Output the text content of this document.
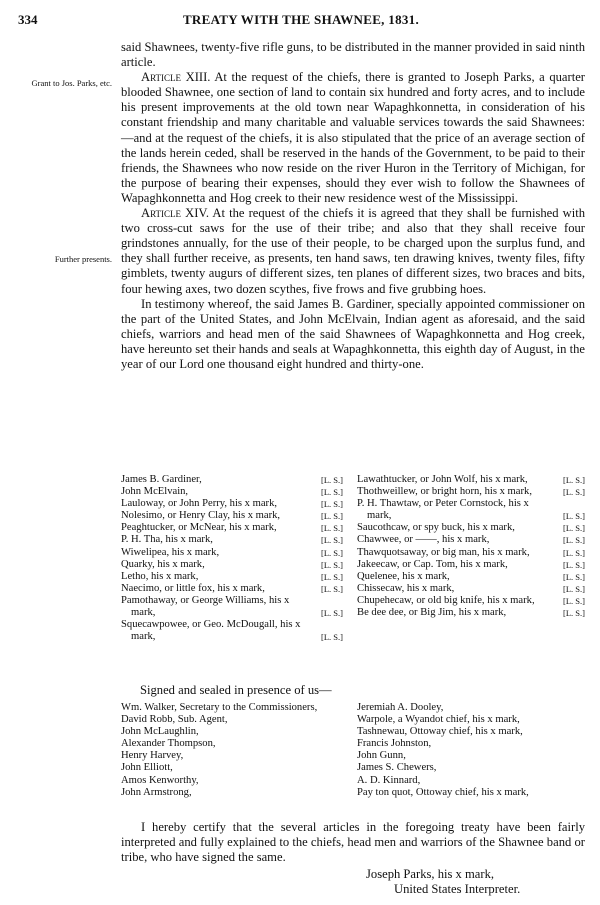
334	TREATY WITH THE SHAWNEE, 1831.
Grant to Jos. Parks, etc.
Further presents.

said Shawnees, twenty-five rifle guns, to be distributed in the manner provided in said ninth article.

Article XIII. At the request of the chiefs, there is granted to Joseph Parks, a quarter blooded Shawnee, one section of land to contain six hundred and forty acres, and to include his present improvements at the old town near Wapaghkonnetta, in consideration of his constant friendship and many charitable and valuable services towards the said Shawnees:—and at the request of the chiefs, it is also stipulated that the price of an average section of the lands herein ceded, shall be reserved in the hands of the Government, to be paid to their friends, the Shawnees who now reside on the river Huron in the Territory of Michigan, for the purpose of bearing their expenses, should they ever wish to follow the Shawnees of Wapaghkonnetta and Hog creek to their new residence west of the Mississippi.

Article XIV. At the request of the chiefs it is agreed that they shall be furnished with two cross-cut saws for the use of their tribe; and also that they shall receive four grindstones annually, for the use of their people, to be charged upon the surplus fund, and they shall further receive, as presents, ten hand saws, ten drawing knives, twenty files, fifty gimblets, twenty augurs of different sizes, ten planes of different sizes, two braces and bits, four hewing axes, two dozen scythes, five frows and five grubbing hoes.

In testimony whereof, the said James B. Gardiner, specially appointed commissioner on the part of the United States, and John McElvain, Indian agent as aforesaid, and the said chiefs, warriors and head men of the said Shawnees of Wapaghkonnetta and Hog creek, have hereunto set their hands and seals at Wapaghkonnetta, this eighth day of August, in the year of our Lord one thousand eight hundred and thirty-one.

James B. Gardiner,	[L. S.]
John McElvain,	[L. S.]
Lauloway, or John Perry, his x mark,	[L. S.]
Nolesimo, or Henry Clay, his x mark,	[L. S.]
Peaghtucker, or McNear, his x mark,	[L. S.]
P. H. Tha, his x mark,	[L. S.]
Wiwelipea, his x mark,	[L. S.]
Quarky, his x mark,	[L. S.]
Letho, his x mark,	[L. S.]
Naecimo, or little fox, his x mark,	[L. S.]
Pamothaway, or George Williams, his x mark,	[L. S.]
Squecawpowee, or Geo. McDougall, his x mark,	[L. S.]
Lawathtucker, or John Wolf, his x mark,	[L. S.]
Thothweillew, or bright horn, his x mark,	[L. S.]
P. H. Thawtaw, or Peter Cornstock, his x mark,	[L. S.]
Saucothcaw, or spy buck, his x mark,	[L. S.]
Chawwee, or ——, his x mark,	[L. S.]
Thawquotsaway, or big man, his x mark,	[L. S.]
Jakeecaw, or Cap. Tom, his x mark,	[L. S.]
Quelenee, his x mark,	[L. S.]
Chissecaw, his x mark,	[L. S.]
Chupehecaw, or old big knife, his x mark,	[L. S.]
Be dee dee, or Big Jim, his x mark,	[L. S.]
Signed and sealed in presence of us—
Wm. Walker, Secretary to the Commissioners,
David Robb, Sub. Agent,
John McLaughlin,
Alexander Thompson,
Henry Harvey,
John Elliott,
Amos Kenworthy,
John Armstrong,
Jeremiah A. Dooley,
Warpole, a Wyandot chief, his x mark,
Tashnewau, Ottoway chief, his x mark,
Francis Johnston,
John Gunn,
James S. Chewers,
A. D. Kinnard,
Pay ton quot, Ottoway chief, his x mark,
I hereby certify that the several articles in the foregoing treaty have been fairly interpreted and fully explained to the chiefs, head men and warriors of the Shawnee band or tribe, who have signed the same.
Joseph Parks, his x mark,
United States Interpreter.
